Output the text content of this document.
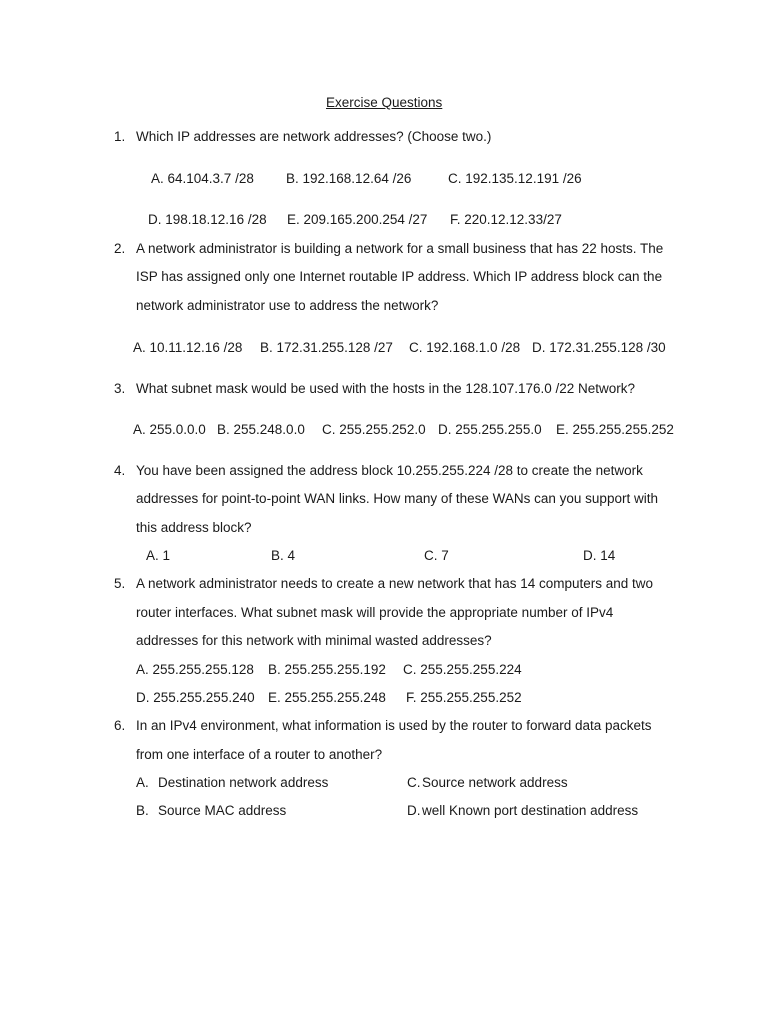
Exercise Questions
1. Which IP addresses are network addresses? (Choose two.)
A. 64.104.3.7 /28 B. 192.168.12.64 /26	C. 192.135.12.191 /26
D. 198.18.12.16 /28 E. 209.165.200.254 /27 F. 220.12.12.33/27
2. A network administrator is building a network for a small business that has 22 hosts. The
ISP has assigned only one Internet routable IP address. Which IP address block can the
network administrator use to address the network?
A. 10.11.12.16 /28 B. 172.31.255.128 /27 C. 192.168.1.0 /28 D. 172.31.255.128 /30
3. What subnet mask would be used with the hosts in the 128.107.176.0 /22 Network?
A. 255.0.0.0 B. 255.248.0.0 C. 255.255.252.0 D. 255.255.255.0 E. 255.255.255.252
4. You have been assigned the address block 10.255.255.224 /28 to create the network
addresses for point-to-point WAN links. How many of these WANs can you support with
this address block?
A. 1	B. 4	C. 7	D. 14
5. A network administrator needs to create a new network that has 14 computers and two
router interfaces. What subnet mask will provide the appropriate number of IPv4
addresses for this network with minimal wasted addresses?
A. 255.255.255.128 B. 255.255.255.192 C. 255.255.255.224
D. 255.255.255.240 E. 255.255.255.248 F. 255.255.255.252
6. In an IPv4 environment, what information is used by the router to forward data packets
from one interface of a router to another?
A. Destination network address	C. Source network address
B. Source MAC address	D. well Known port destination address
